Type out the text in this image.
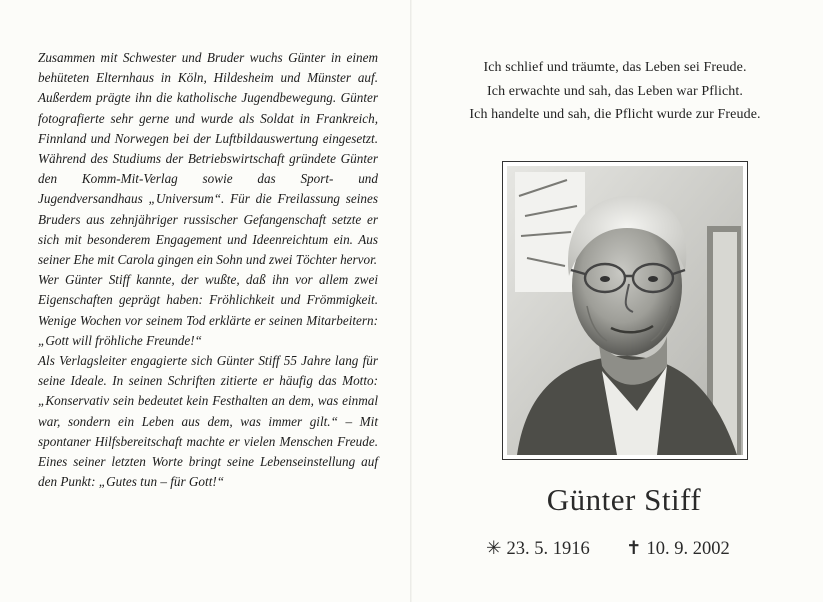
Zusammen mit Schwester und Bruder wuchs Günter in einem behüteten Elternhaus in Köln, Hildesheim und Münster auf. Außerdem prägte ihn die katholische Jugendbewegung. Günter fotografierte sehr gerne und wurde als Soldat in Frankreich, Finnland und Norwegen bei der Luftbildauswertung eingesetzt. Während des Studiums der Betriebswirtschaft gründete Günter den Komm-Mit-Verlag sowie das Sport- und Jugendversandhaus „Universum“. Für die Freilassung seines Bruders aus zehnjähriger russischer Gefangenschaft setzte er sich mit besonderem Engagement und Ideenreichtum ein. Aus seiner Ehe mit Carola gingen ein Sohn und zwei Töchter hervor.

Wer Günter Stiff kannte, der wußte, daß ihn vor allem zwei Eigenschaften geprägt haben: Fröhlichkeit und Frömmigkeit. Wenige Wochen vor seinem Tod erklärte er seinen Mitarbeitern: „Gott will fröhliche Freunde!“

Als Verlagsleiter engagierte sich Günter Stiff 55 Jahre lang für seine Ideale. In seinen Schriften zitierte er häufig das Motto: „Konservativ sein bedeutet kein Festhalten an dem, was einmal war, sondern ein Leben aus dem, was immer gilt.“ – Mit spontaner Hilfsbereitschaft machte er vielen Menschen Freude. Eines seiner letzten Worte bringt seine Lebenseinstellung auf den Punkt: „Gutes tun – für Gott!“

Ich schlief und träumte, das Leben sei Freude.
Ich erwachte und sah, das Leben war Pflicht.
Ich handelte und sah, die Pflicht wurde zur Freude.
Günter Stiff
✳ 23. 5. 1916 ✝ 10. 9. 2002
